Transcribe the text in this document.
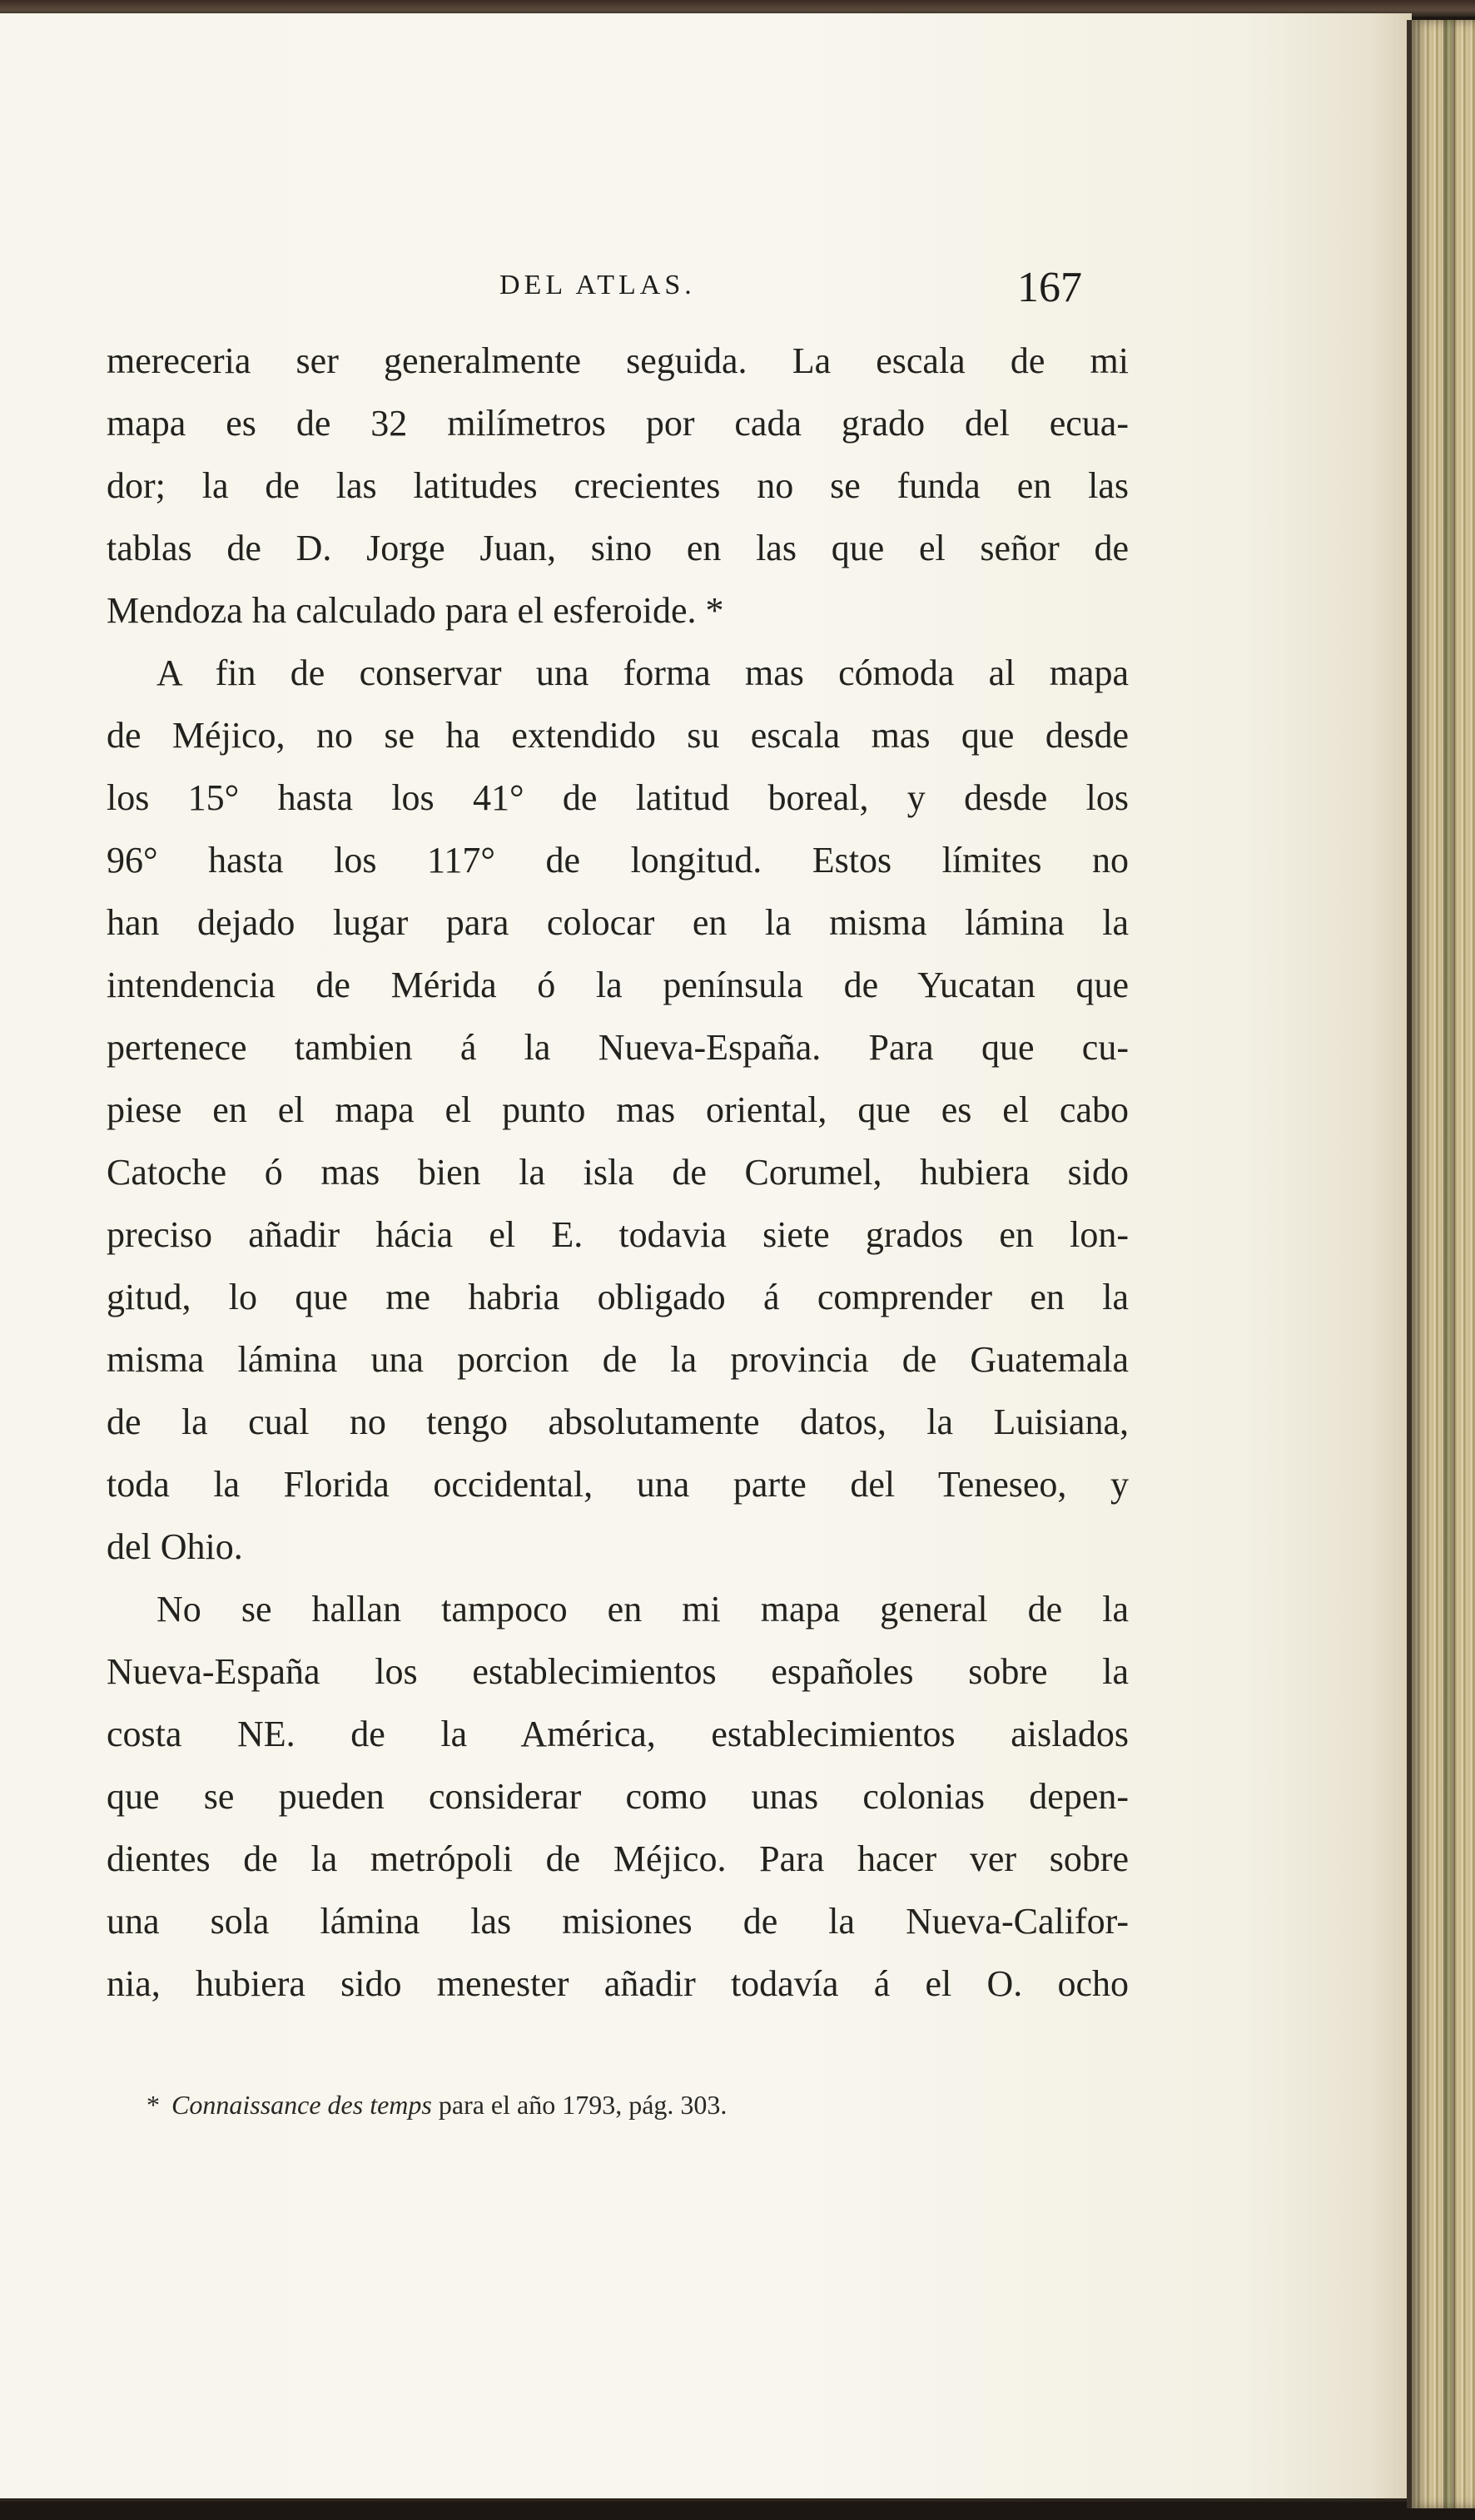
DEL ATLAS.	167
mereceria ser generalmente seguida. La escala de mi
mapa es de 32 milímetros por cada grado del ecua-
dor; la de las latitudes crecientes no se funda en las
tablas de D. Jorge Juan, sino en las que el señor de
Mendoza ha calculado para el esferoide. *
A fin de conservar una forma mas cómoda al mapa
de Méjico, no se ha extendido su escala mas que desde
los 15° hasta los 41° de latitud boreal, y desde los
96° hasta los 117° de longitud. Estos límites no
han dejado lugar para colocar en la misma lámina la
intendencia de Mérida ó la península de Yucatan que
pertenece tambien á la Nueva-España. Para que cu-
piese en el mapa el punto mas oriental, que es el cabo
Catoche ó mas bien la isla de Corumel, hubiera sido
preciso añadir hácia el E. todavia siete grados en lon-
gitud, lo que me habria obligado á comprender en la
misma lámina una porcion de la provincia de Guatemala
de la cual no tengo absolutamente datos, la Luisiana,
toda la Florida occidental, una parte del Teneseo, y
del Ohio.
No se hallan tampoco en mi mapa general de la
Nueva-España los establecimientos españoles sobre la
costa NE. de la América, establecimientos aislados
que se pueden considerar como unas colonias depen-
dientes de la metrópoli de Méjico. Para hacer ver sobre
una sola lámina las misiones de la Nueva-Califor-
nia, hubiera sido menester añadir todavía á el O. ocho
* Connaissance des temps para el año 1793, pág. 303.
